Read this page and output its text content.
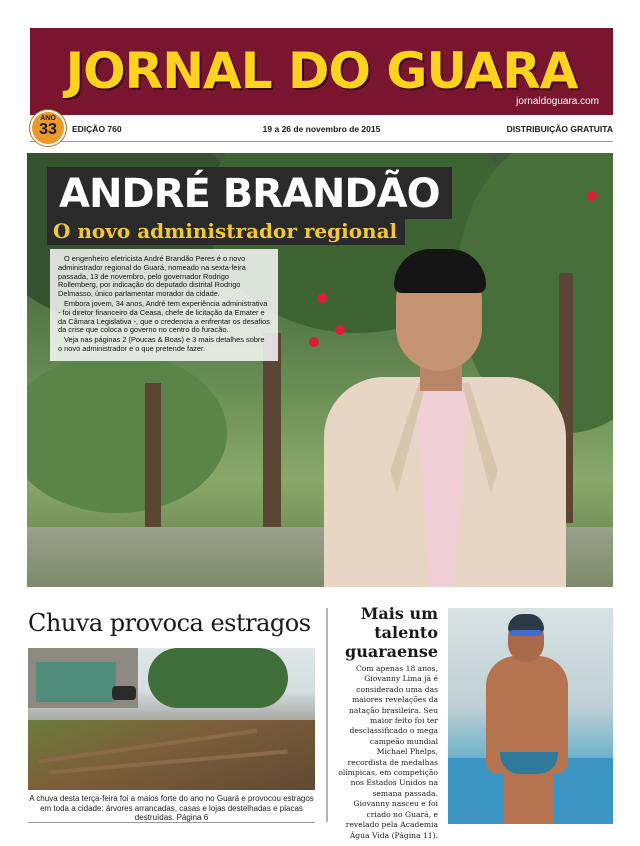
JORNAL DO GUARA
jornaldoguara.com
ANO
33	EDIÇÃO 760	19 a 26 de novembro de 2015	DISTRIBUIÇÃO GRATUITA
ANDRÉ BRANDÃO
O novo administrador regional

O engenheiro eletricista André Brandão Peres é o novo administrador regional do Guará, nomeado na sexta-feira passada, 13 de novembro, pelo governador Rodrigo Rollemberg, por indicação do deputado distrital Rodrigo Delmasso, único parlamentar morador da cidade.

Embora jovem, 34 anos, André tem experiência administrativa - foi diretor financeiro da Ceasa, chefe de licitação da Emater e da Câmara Legislativa -, que o credencia a enfrentar os desafios da crise que coloca o governo no centro do furacão.

Veja nas páginas 2 (Poucas & Boas) e 3 mais detalhes sobre o novo administrador e o que pretende fazer.

Chuva provoca estragos
A chuva desta terça-feira foi a maios forte do ano no Guará e provocou estragos em toda a cidade: árvores arrancadas, casas e lojas destelhadas e placas destruídas. Página 6
Mais um
talento
guaraense

Com apenas 18 anos, Giovanny Lima já é considerado uma das maiores revelações da natação brasileira. Seu maior feito foi ter desclassificado o mega campeão mundial Michael Phelps, recordista de medalhas olímpicas, em competição nos Estados Unidos na semana passada.

Giovanny nasceu e foi criado no Guará, e revelado pela Academia Água Vida (Página 11).
